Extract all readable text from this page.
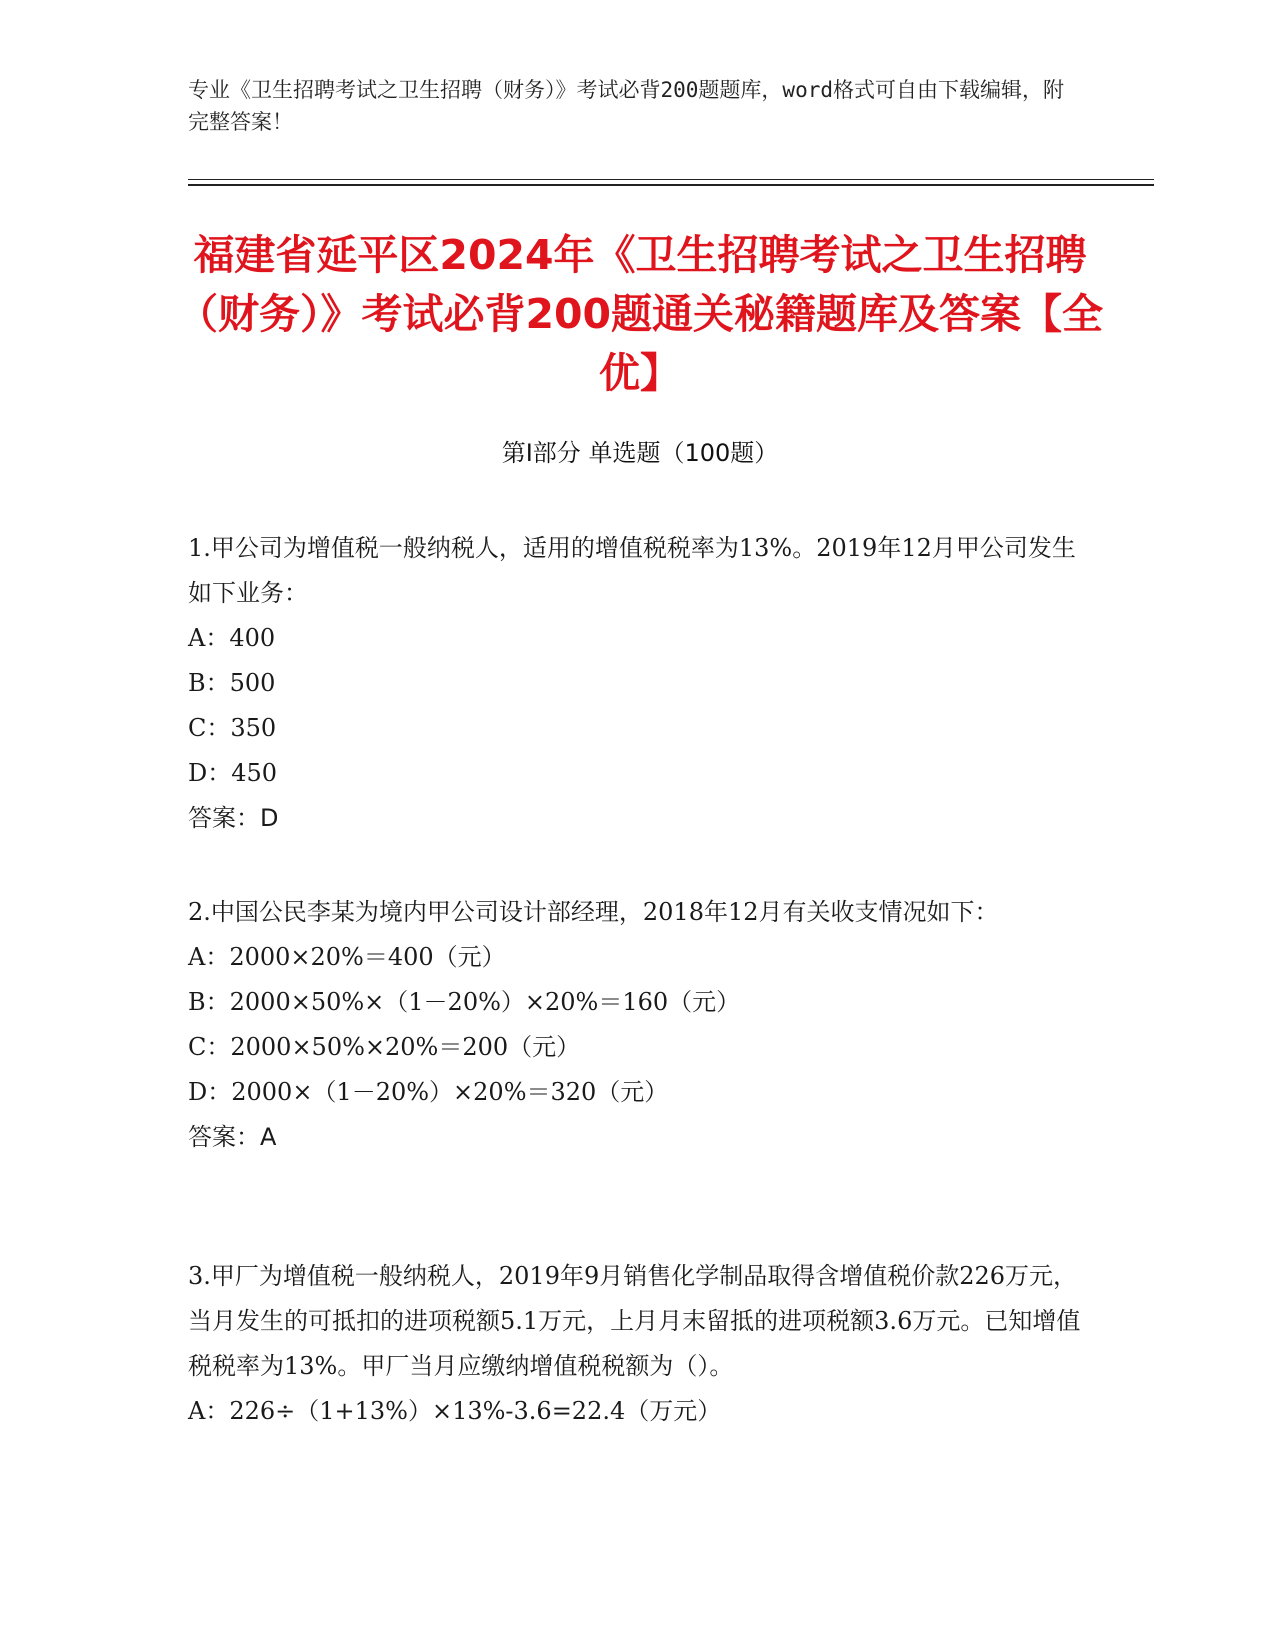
专业《卫生招聘考试之卫生招聘（财务）》考试必背200题题库，word格式可自由下载编辑，附完整答案！
福建省延平区2024年《卫生招聘考试之卫生招聘（财务）》考试必背200题通关秘籍题库及答案【全优】
第I部分 单选题（100题）
1.甲公司为增值税一般纳税人，适用的增值税税率为13%。2019年12月甲公司发生如下业务：
A：400
B：500
C：350
D：450
答案：D
2.中国公民李某为境内甲公司设计部经理，2018年12月有关收支情况如下：
A：2000×20%＝400（元）
B：2000×50%×（1－20%）×20%＝160（元）
C：2000×50%×20%＝200（元）
D：2000×（1－20%）×20%＝320（元）
答案：A
3.甲厂为增值税一般纳税人，2019年9月销售化学制品取得含增值税价款226万元，当月发生的可抵扣的进项税额5.1万元，上月月末留抵的进项税额3.6万元。已知增值税税率为13%。甲厂当月应缴纳增值税税额为（）。
A：226÷（1+13%）×13%-3.6=22.4（万元）
